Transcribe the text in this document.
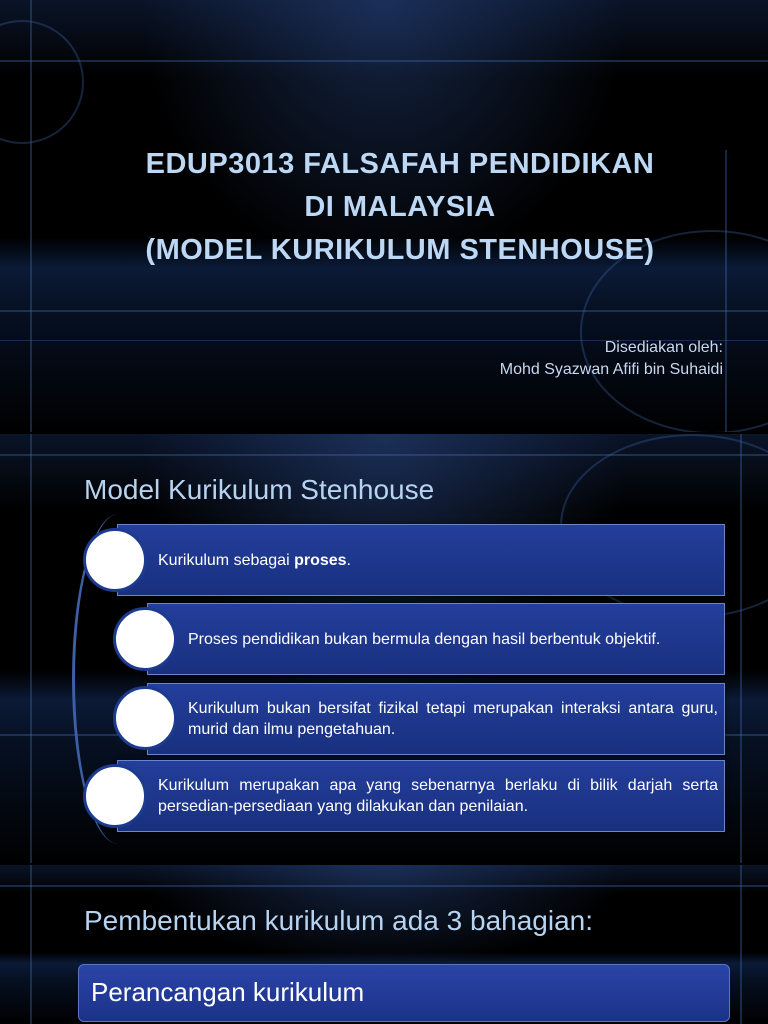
EDUP3013 FALSAFAH PENDIDIKAN
DI MALAYSIA
(MODEL KURIKULUM STENHOUSE)
Disediakan oleh:
Mohd Syazwan Afifi bin Suhaidi
Model Kurikulum Stenhouse
Kurikulum sebagai proses.
Proses pendidikan bukan bermula dengan hasil berbentuk objektif.
Kurikulum bukan bersifat fizikal tetapi merupakan interaksi antara guru, murid dan ilmu pengetahuan.
Kurikulum merupakan apa yang sebenarnya berlaku di bilik darjah serta persedian-persediaan yang dilakukan dan penilaian.
Pembentukan kurikulum ada 3 bahagian:
Perancangan kurikulum
